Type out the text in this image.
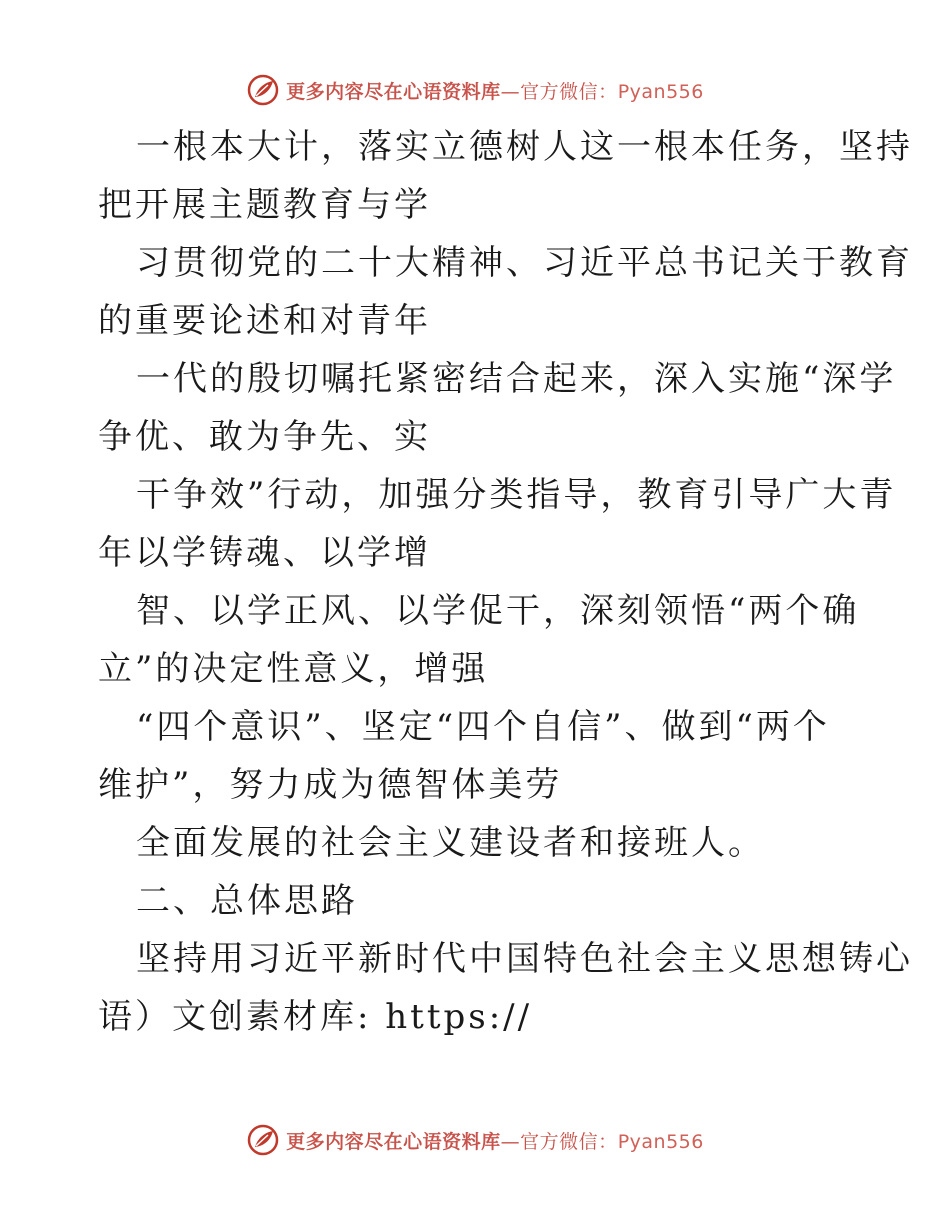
更多内容尽在心语资料库—官方微信：Pyan556
一根本大计，落实立德树人这一根本任务，坚持
把开展主题教育与学
习贯彻党的二十大精神、习近平总书记关于教育
的重要论述和对青年
一代的殷切嘱托紧密结合起来，深入实施“深学
争优、敢为争先、实
干争效”行动，加强分类指导，教育引导广大青
年以学铸魂、以学增
智、以学正风、以学促干，深刻领悟“两个确
立”的决定性意义，增强
“四个意识”、坚定“四个自信”、做到“两个
维护”，努力成为德智体美劳
全面发展的社会主义建设者和接班人。
二、总体思路
坚持用习近平新时代中国特色社会主义思想铸心
语）文创素材库: https://
更多内容尽在心语资料库—官方微信：Pyan556
